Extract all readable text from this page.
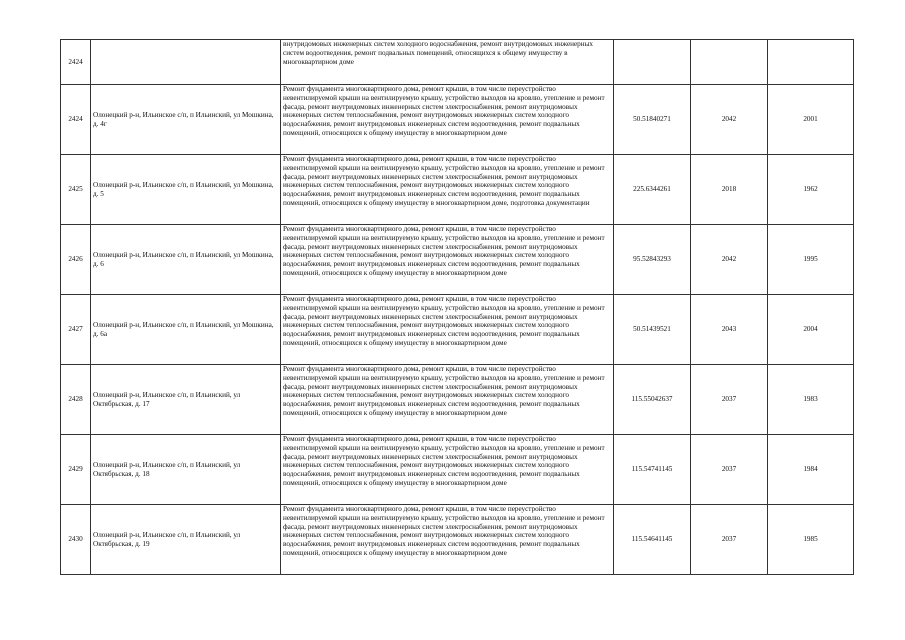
2424		внутридомовых инженерных систем холодного водоснабжения, ремонт внутридомовых инженерных систем водоотведения, ремонт подвальных помещений, относящихся к общему имуществу в многоквартирном доме			
2424	Олонецкий р-н, Ильинское с/п, п Ильинский, ул Мошкина, д. 4г	Ремонт фундамента многоквартирного дома, ремонт крыши, в том числе переустройство невентилируемой крыши на вентилируемую крышу, устройство выходов на кровлю, утепление и ремонт фасада, ремонт внутридомовых инженерных систем электроснабжения, ремонт внутридомовых инженерных систем теплоснабжения, ремонт внутридомовых инженерных систем холодного водоснабжения, ремонт внутридомовых инженерных систем водоотведения, ремонт подвальных помещений, относящихся к общему имуществу в многоквартирном доме	50.51840271	2042	2001
2425	Олонецкий р-н, Ильинское с/п, п Ильинский, ул Мошкина, д. 5	Ремонт фундамента многоквартирного дома, ремонт крыши, в том числе переустройство невентилируемой крыши на вентилируемую крышу, устройство выходов на кровлю, утепление и ремонт фасада, ремонт внутридомовых инженерных систем электроснабжения, ремонт внутридомовых инженерных систем теплоснабжения, ремонт внутридомовых инженерных систем холодного водоснабжения, ремонт внутридомовых инженерных систем водоотведения, ремонт подвальных помещений, относящихся к общему имуществу в многоквартирном доме, подготовка документации	225.6344261	2018	1962
2426	Олонецкий р-н, Ильинское с/п, п Ильинский, ул Мошкина, д. 6	Ремонт фундамента многоквартирного дома, ремонт крыши, в том числе переустройство невентилируемой крыши на вентилируемую крышу, устройство выходов на кровлю, утепление и ремонт фасада, ремонт внутридомовых инженерных систем электроснабжения, ремонт внутридомовых инженерных систем теплоснабжения, ремонт внутридомовых инженерных систем холодного водоснабжения, ремонт внутридомовых инженерных систем водоотведения, ремонт подвальных помещений, относящихся к общему имуществу в многоквартирном доме	95.52843293	2042	1995
2427	Олонецкий р-н, Ильинское с/п, п Ильинский, ул Мошкина, д. 6а	Ремонт фундамента многоквартирного дома, ремонт крыши, в том числе переустройство невентилируемой крыши на вентилируемую крышу, устройство выходов на кровлю, утепление и ремонт фасада, ремонт внутридомовых инженерных систем электроснабжения, ремонт внутридомовых инженерных систем теплоснабжения, ремонт внутридомовых инженерных систем холодного водоснабжения, ремонт внутридомовых инженерных систем водоотведения, ремонт подвальных помещений, относящихся к общему имуществу в многоквартирном доме	50.51439521	2043	2004
2428	Олонецкий р-н, Ильинское с/п, п Ильинский, ул Октябрьская, д. 17	Ремонт фундамента многоквартирного дома, ремонт крыши, в том числе переустройство невентилируемой крыши на вентилируемую крышу, устройство выходов на кровлю, утепление и ремонт фасада, ремонт внутридомовых инженерных систем электроснабжения, ремонт внутридомовых инженерных систем теплоснабжения, ремонт внутридомовых инженерных систем холодного водоснабжения, ремонт внутридомовых инженерных систем водоотведения, ремонт подвальных помещений, относящихся к общему имуществу в многоквартирном доме	115.55042637	2037	1983
2429	Олонецкий р-н, Ильинское с/п, п Ильинский, ул Октябрьская, д. 18	Ремонт фундамента многоквартирного дома, ремонт крыши, в том числе переустройство невентилируемой крыши на вентилируемую крышу, устройство выходов на кровлю, утепление и ремонт фасада, ремонт внутридомовых инженерных систем электроснабжения, ремонт внутридомовых инженерных систем теплоснабжения, ремонт внутридомовых инженерных систем холодного водоснабжения, ремонт внутридомовых инженерных систем водоотведения, ремонт подвальных помещений, относящихся к общему имуществу в многоквартирном доме	115.54741145	2037	1984
2430	Олонецкий р-н, Ильинское с/п, п Ильинский, ул Октябрьская, д. 19	Ремонт фундамента многоквартирного дома, ремонт крыши, в том числе переустройство невентилируемой крыши на вентилируемую крышу, устройство выходов на кровлю, утепление и ремонт фасада, ремонт внутридомовых инженерных систем электроснабжения, ремонт внутридомовых инженерных систем теплоснабжения, ремонт внутридомовых инженерных систем холодного водоснабжения, ремонт внутридомовых инженерных систем водоотведения, ремонт подвальных помещений, относящихся к общему имуществу в многоквартирном доме	115.54641145	2037	1985
